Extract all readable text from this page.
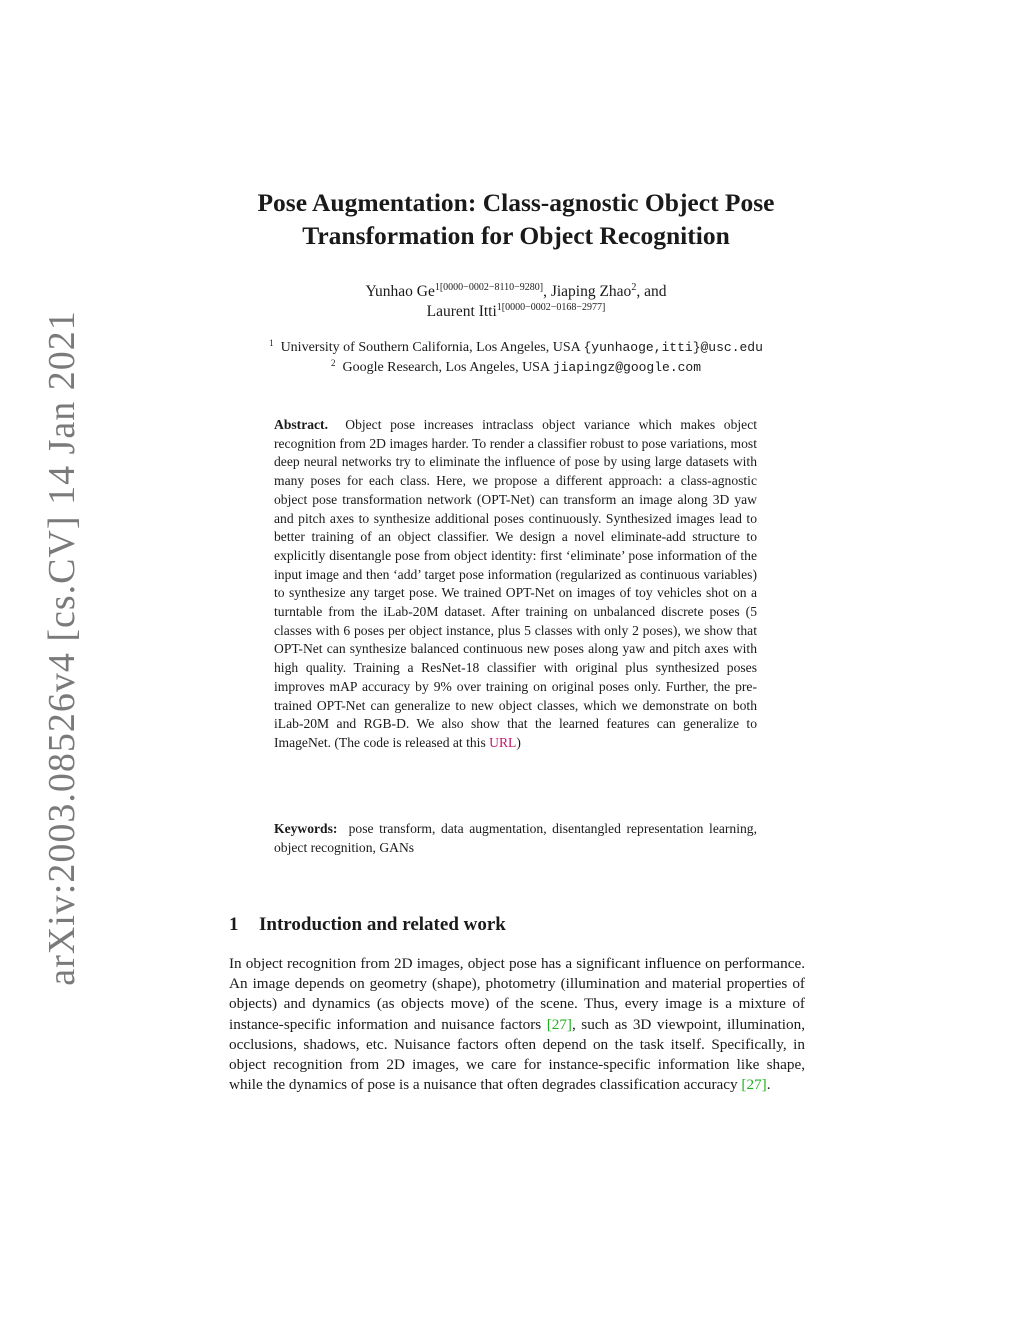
arXiv:2003.08526v4 [cs.CV] 14 Jan 2021
Pose Augmentation: Class-agnostic Object Pose
Transformation for Object Recognition
Yunhao $Ge^{1[0000-0002-8110-9280]}$, Jiaping Zhao$^2$, and
Laurent Itti$^{1[0000-0002-0168-2977]}$
$^1$ University of Southern California, Los Angeles, USA {yunhaoge,itti}@usc.edu
$^2$ Google Research, Los Angeles, USA jiapingz@google.com
Abstract. Object pose increases intraclass object variance which makes object recognition from 2D images harder. To render a classifier robust to pose variations, most deep neural networks try to eliminate the influence of pose by using large datasets with many poses for each class. Here, we propose a different approach: a class-agnostic object pose transformation network (OPT-Net) can transform an image along 3D yaw and pitch axes to synthesize additional poses continuously. Synthesized images lead to better training of an object classifier. We design a novel eliminate-add structure to explicitly disentangle pose from object identity: first ‘eliminate’ pose information of the input image and then ‘add’ target pose information (regularized as continuous variables) to synthesize any target pose. We trained OPT-Net on images of toy vehicles shot on a turntable from the iLab-20M dataset. After training on unbalanced discrete poses (5 classes with 6 poses per object instance, plus 5 classes with only 2 poses), we show that OPT-Net can synthesize balanced continuous new poses along yaw and pitch axes with high quality. Training a ResNet-18 classifier with original plus synthesized poses improves mAP accuracy by 9% over training on original poses only. Further, the pre-trained OPT-Net can generalize to new object classes, which we demonstrate on both iLab-20M and RGB-D. We also show that the learned features can generalize to ImageNet. (The code is released at this URL)
Keywords: pose transform, data augmentation, disentangled representation learning, object recognition, GANs
1 Introduction and related work
In object recognition from 2D images, object pose has a significant influence on performance. An image depends on geometry (shape), photometry (illumination and material properties of objects) and dynamics (as objects move) of the scene. Thus, every image is a mixture of instance-specific information and nuisance factors [27], such as 3D viewpoint, illumination, occlusions, shadows, etc. Nuisance factors often depend on the task itself. Specifically, in object recognition from 2D images, we care for instance-specific information like shape, while the dynamics of pose is a nuisance that often degrades classification accuracy [27].
